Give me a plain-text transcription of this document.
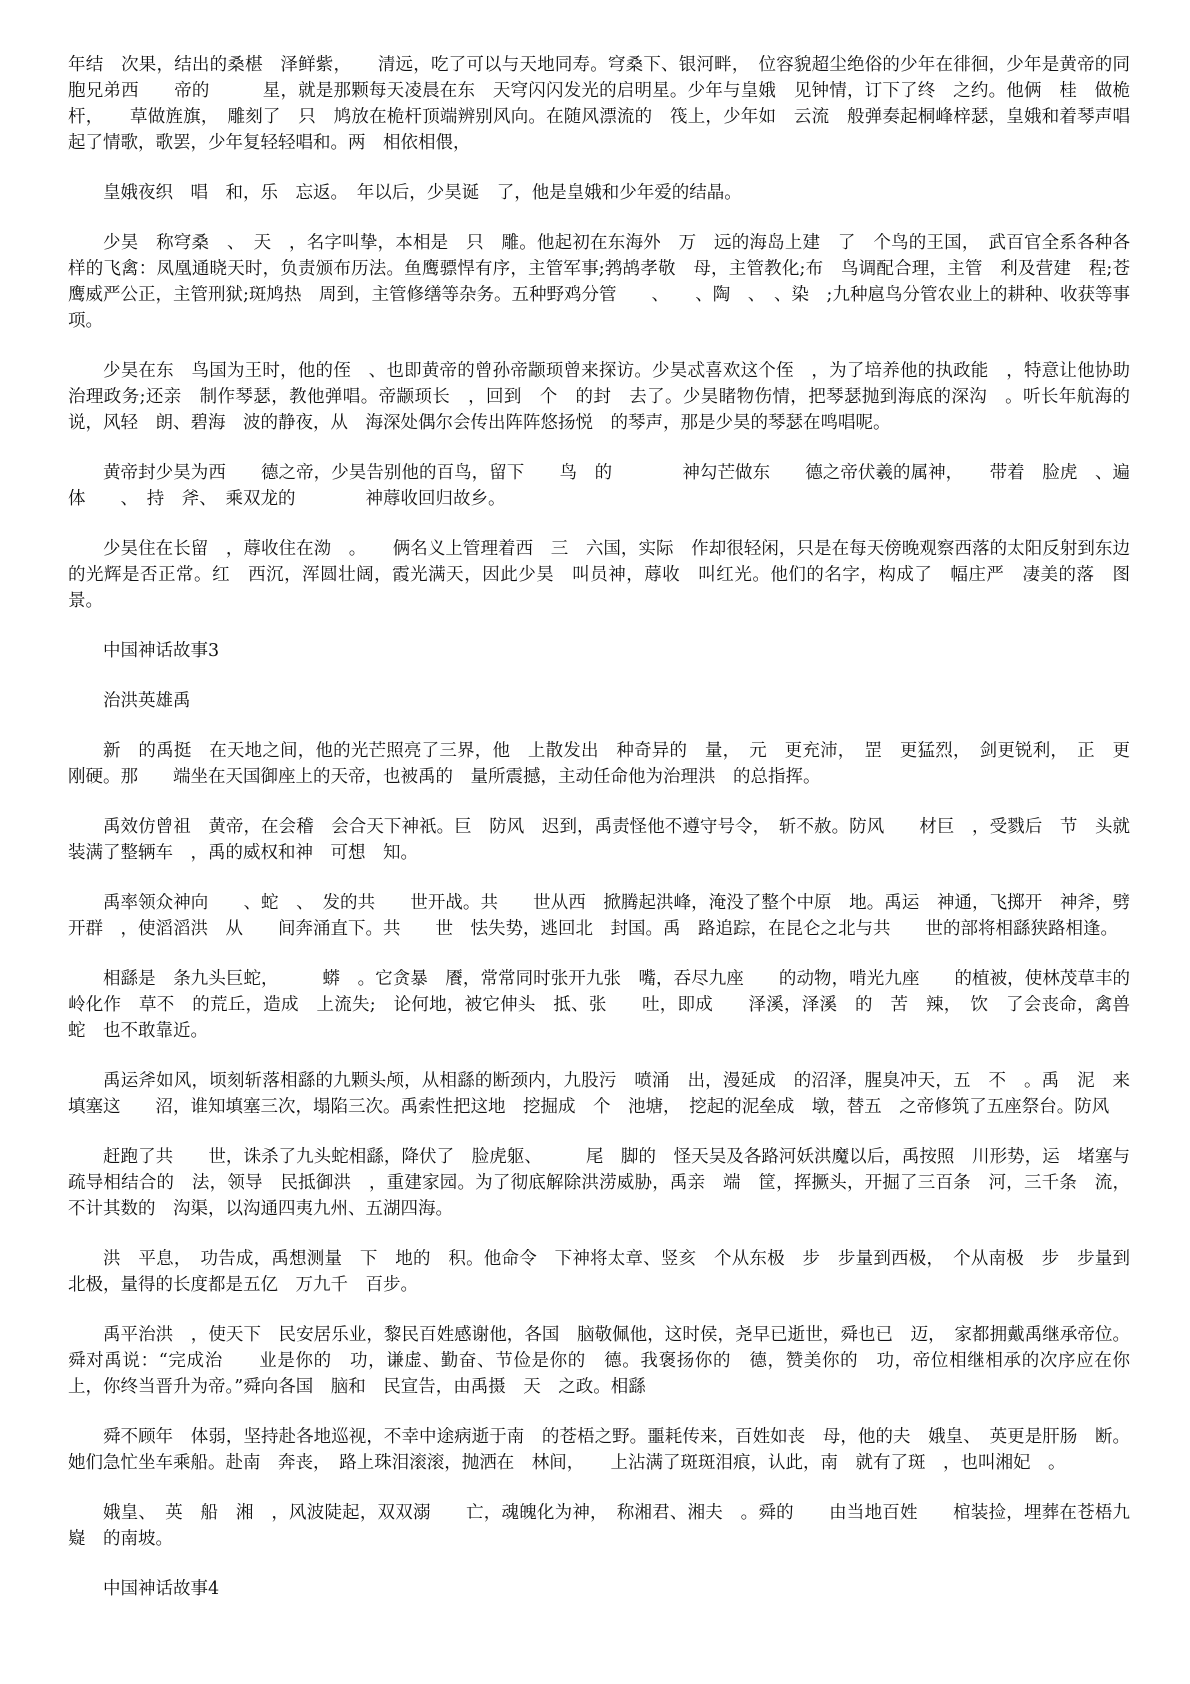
年结　次果，结出的桑椹　泽鲜紫，　　清远，吃了可以与天地同寿。穹桑下、银河畔，　位容貌超尘绝俗的少年在徘徊，少年是黄帝的同胞兄弟西　　帝的　　　星，就是那颗每天凌晨在东　天穹闪闪发光的启明星。少年与皇娥　见钟情，订下了终　之约。他俩　桂　做桅杆，　　草做旌旗，　雕刻了　只　鸠放在桅杆顶端辨别风向。在随风漂流的　筏上，少年如　云流　般弹奏起桐峰梓瑟，皇娥和着琴声唱起了情歌，歌罢，少年复轻轻唱和。两　相依相偎，

皇娥夜织　唱　和，乐　忘返。　年以后，少昊诞　了，他是皇娥和少年爱的结晶。

少昊　称穹桑　、　天　，名字叫挚，本相是　只　雕。他起初在东海外　万　远的海岛上建　了　个鸟的王国，　武百官全系各种各样的飞禽：凤凰通晓天时，负责颁布历法。鱼鹰骠悍有序，主管军事;鹁鸪孝敬　母，主管教化;布　鸟调配合理，主管　利及营建　程;苍鹰威严公正，主管刑狱;斑鸠热　周到，主管修缮等杂务。五种野鸡分管　　、　　、陶　、　、染　;九种扈鸟分管农业上的耕种、收获等事项。

少昊在东　鸟国为王时，他的侄　、也即黄帝的曾孙帝颛顼曾来探访。少昊忒喜欢这个侄　，为了培养他的执政能　，特意让他协助治理政务;还亲　制作琴瑟，教他弹唱。帝颛顼长　，回到　个　的封　去了。少昊睹物伤情，把琴瑟抛到海底的深沟　。听长年航海的　　说，风轻　朗、碧海　波的静夜，从　海深处偶尔会传出阵阵悠扬悦　的琴声，那是少昊的琴瑟在鸣唱呢。

黄帝封少昊为西　　德之帝，少昊告别他的百鸟，留下　　鸟　的　　　　神勾芒做东　　德之帝伏羲的属神，　　带着　脸虎　、遍体　　、　持　斧、　乘双龙的　　　　神蓐收回归故乡。

少昊住在长留　，蓐收住在泑　。　　俩名义上管理着西　三　六国，实际　作却很轻闲，只是在每天傍晚观察西落的太阳反射到东边的光辉是否正常。红　西沉，浑圆壮阔，霞光满天，因此少昊　叫员神，蓐收　叫红光。他们的名字，构成了　幅庄严　凄美的落　图景。

中国神话故事3

治洪英雄禹

新　的禹挺　在天地之间，他的光芒照亮了三界，他　上散发出　种奇异的　量，　元　更充沛，　罡　更猛烈，　剑更锐利，　正　更刚硬。那　　端坐在天国御座上的天帝，也被禹的　量所震撼，主动任命他为治理洪　的总指挥。

禹效仿曾祖　黄帝，在会稽　会合天下神祇。巨　防风　迟到，禹责怪他不遵守号令，　斩不赦。防风　　材巨　，受戮后　节　头就装满了整辆车　，禹的威权和神　可想　知。

禹率领众神向　　、蛇　、　发的共　　世开战。共　　世从西　掀腾起洪峰，淹没了整个中原　地。禹运　神通，飞掷开　神斧，劈开群　，使滔滔洪　从　　间奔涌直下。共　　世　怯失势，逃回北　封国。禹　路追踪，在昆仑之北与共　　世的部将相繇狭路相逢。

相繇是　条九头巨蛇，　　　蟒　。它贪暴　餍，常常同时张开九张　嘴，吞尽九座　　的动物，啃光九座　　的植被，使林茂草丰的　岭化作　草不　的荒丘，造成　上流失;　论何地，被它伸头　抵、张　　吐，即成　　泽溪，泽溪　的　苦　辣，　饮　了会丧命，禽兽蛇　也不敢靠近。

禹运斧如风，顷刻斩落相繇的九颗头颅，从相繇的断颈内，九股污　喷涌　出，漫延成　的沼泽，腥臭冲天，五　不　。禹　泥　来填塞这　　沼，谁知填塞三次，塌陷三次。禹索性把这地　挖掘成　个　池塘，　挖起的泥垒成　墩，替五　之帝修筑了五座祭台。防风

赶跑了共　　世，诛杀了九头蛇相繇，降伏了　脸虎躯、　　　尾　脚的　怪天吴及各路河妖洪魔以后，禹按照　川形势，运　堵塞与疏导相结合的　法，领导　民抵御洪　，重建家园。为了彻底解除洪涝威胁，禹亲　端　筐，挥撅头，开掘了三百条　河，三千条　流，不计其数的　沟渠，以沟通四夷九州、五湖四海。

洪　平息，　功告成，禹想测量　下　地的　积。他命令　下神将太章、竖亥　个从东极　步　步量到西极，　个从南极　步　步量到北极，量得的长度都是五亿　万九千　百步。

禹平治洪　，使天下　民安居乐业，黎民百姓感谢他，各国　脑敬佩他，这时侯，尧早已逝世，舜也已　迈，　家都拥戴禹继承帝位。舜对禹说：“完成治　　业是你的　功，谦虚、勤奋、节俭是你的　德。我褒扬你的　德，赞美你的　功，帝位相继相承的次序应在你　上，你终当晋升为帝。”舜向各国　脑和　民宣告，由禹摄　天　之政。相繇

舜不顾年　体弱，坚持赴各地巡视，不幸中途病逝于南　的苍梧之野。噩耗传来，百姓如丧　母，他的夫　娥皇、　英更是肝肠　断。她们急忙坐车乘船。赴南　奔丧，　路上珠泪滚滚，抛洒在　林间，　　上沾满了斑斑泪痕，认此，南　就有了斑　，也叫湘妃　。

娥皇、　英　船　湘　，风波陡起，双双溺　　亡，魂魄化为神，　称湘君、湘夫　。舜的　　由当地百姓　　棺装捡，埋葬在苍梧九嶷　的南坡。

中国神话故事4
